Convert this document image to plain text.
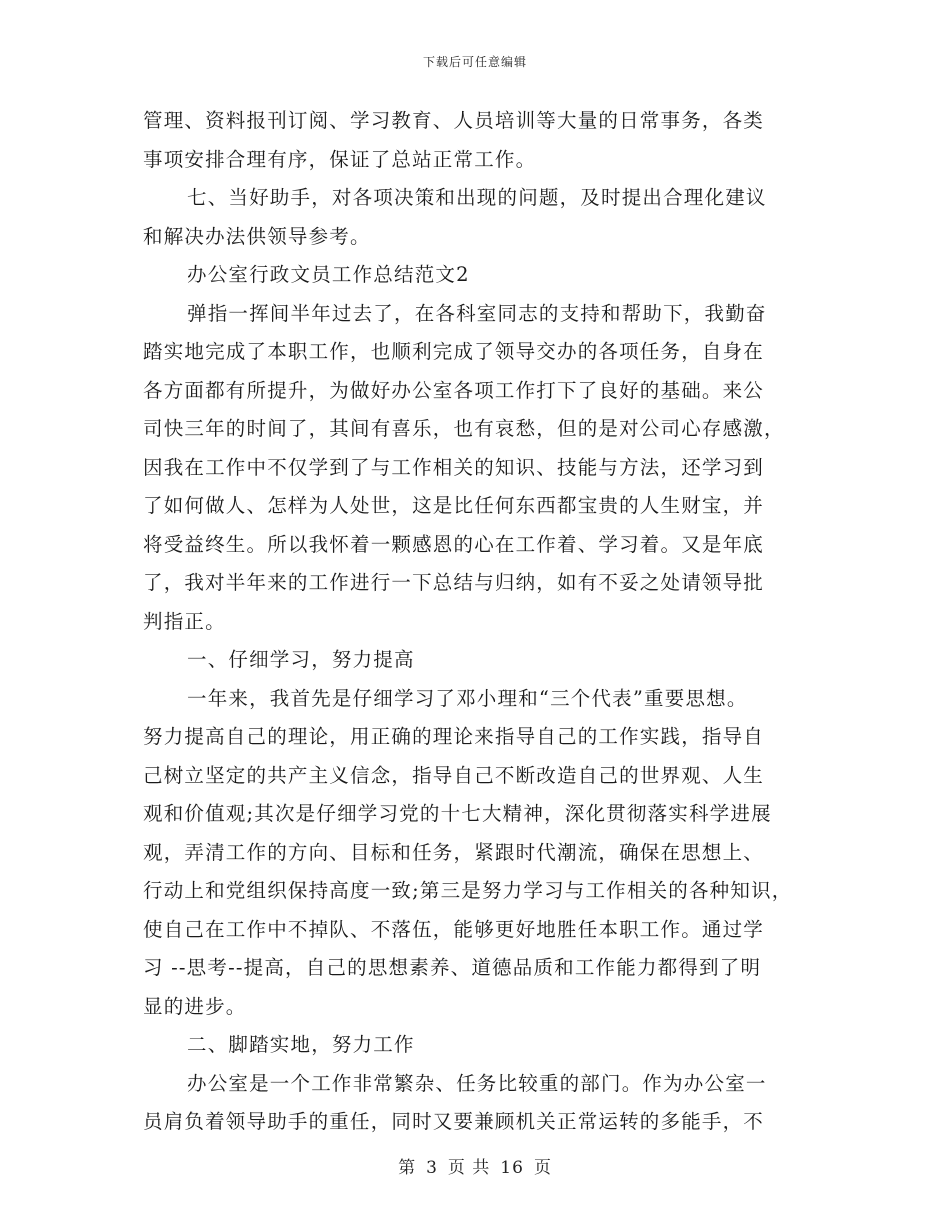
下载后可任意编辑
管理、资料报刊订阅、学习教育、人员培训等大量的日常事务，各类
事项安排合理有序，保证了总站正常工作。
七、当好助手，对各项决策和出现的问题，及时提出合理化建议
和解决办法供领导参考。
办公室行政文员工作总结范文2
弹指一挥间半年过去了，在各科室同志的支持和帮助下，我勤奋
踏实地完成了本职工作，也顺利完成了领导交办的各项任务，自身在
各方面都有所提升，为做好办公室各项工作打下了良好的基础。来公
司快三年的时间了，其间有喜乐，也有哀愁，但的是对公司心存感激，
因我在工作中不仅学到了与工作相关的知识、技能与方法，还学习到
了如何做人、怎样为人处世，这是比任何东西都宝贵的人生财宝，并
将受益终生。所以我怀着一颗感恩的心在工作着、学习着。又是年底
了，我对半年来的工作进行一下总结与归纳，如有不妥之处请领导批
判指正。
一、仔细学习，努力提高
一年来，我首先是仔细学习了邓小理和“三个代表”重要思想。
努力提高自己的理论，用正确的理论来指导自己的工作实践，指导自
己树立坚定的共产主义信念，指导自己不断改造自己的世界观、人生
观和价值观;其次是仔细学习党的十七大精神，深化贯彻落实科学进展
观，弄清工作的方向、目标和任务，紧跟时代潮流，确保在思想上、
行动上和党组织保持高度一致;第三是努力学习与工作相关的各种知识，
使自己在工作中不掉队、不落伍，能够更好地胜任本职工作。通过学
习 --思考--提高，自己的思想素养、道德品质和工作能力都得到了明
显的进步。
二、脚踏实地，努力工作
办公室是一个工作非常繁杂、任务比较重的部门。作为办公室一
员肩负着领导助手的重任，同时又要兼顾机关正常运转的多能手，不
第 3 页 共 16 页
